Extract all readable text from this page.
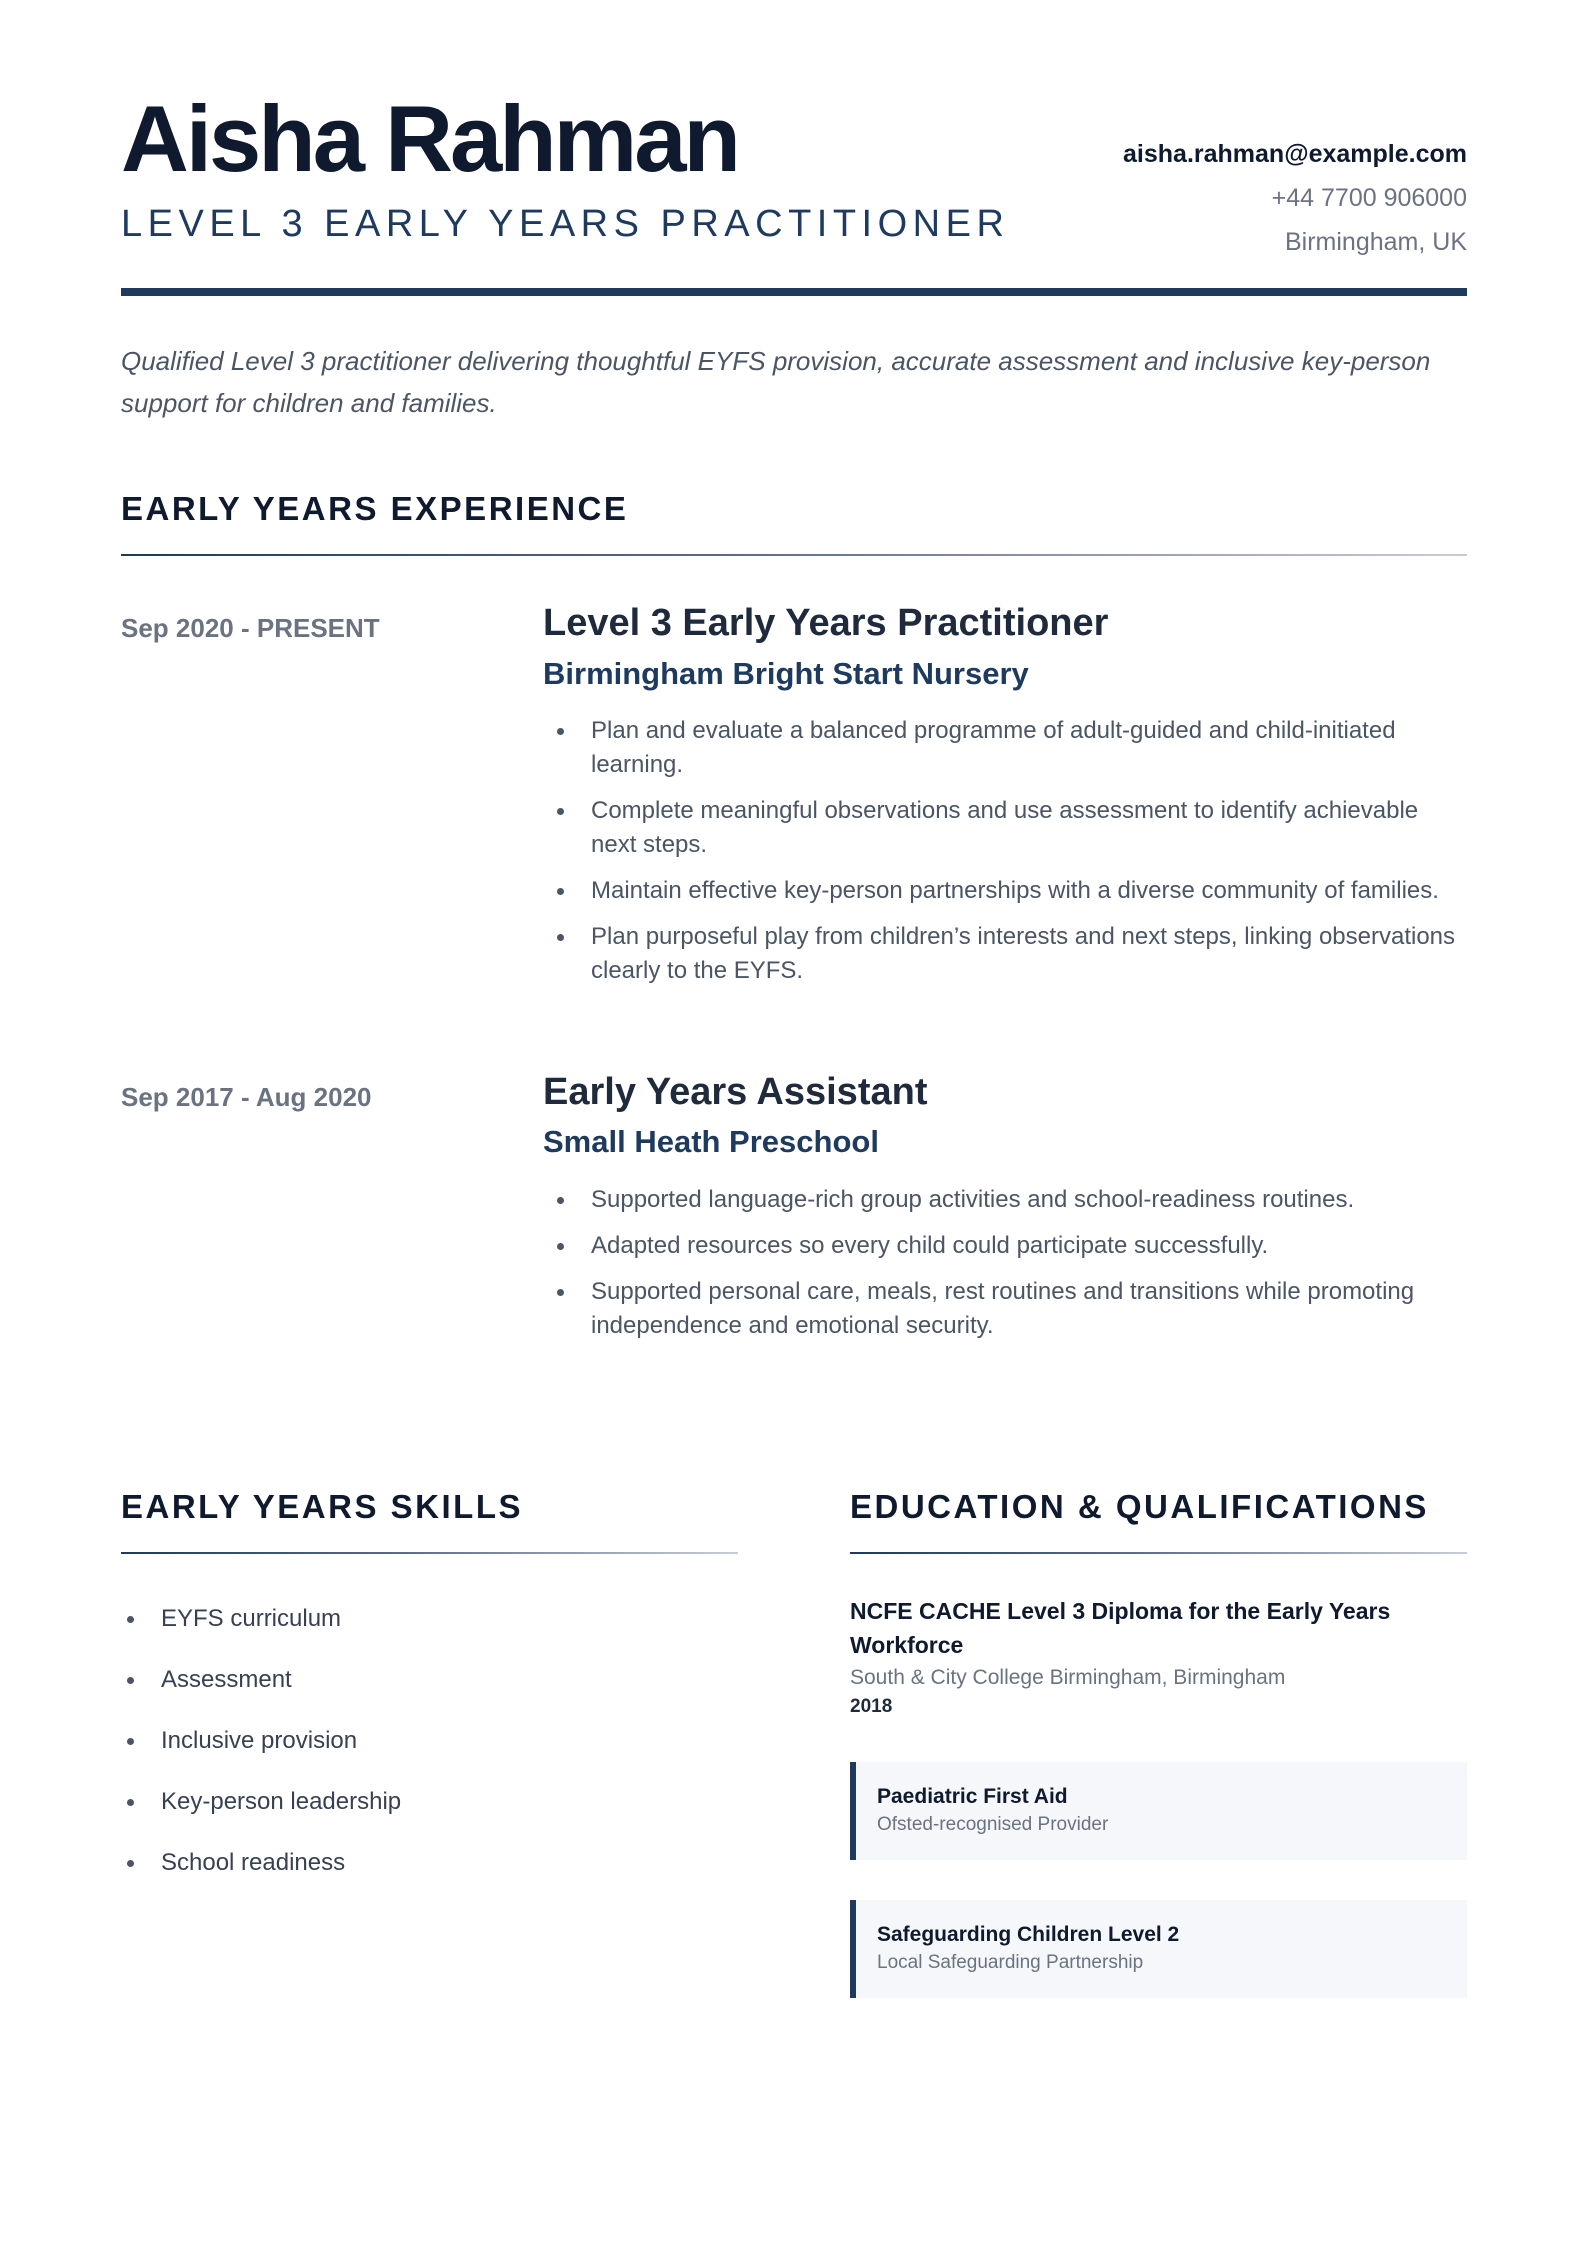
Aisha Rahman
LEVEL 3 EARLY YEARS PRACTITIONER
aisha.rahman@example.com
+44 7700 906000
Birmingham, UK

Qualified Level 3 practitioner delivering thoughtful EYFS provision, accurate assessment and inclusive key-person support for children and families.

EARLY YEARS EXPERIENCE
Sep 2020 - PRESENT	Level 3 Early Years Practitioner
Birmingham Bright Start Nursery
Plan and evaluate a balanced programme of adult-guided and child-initiated learning.
Complete meaningful observations and use assessment to identify achievable next steps.
Maintain effective key-person partnerships with a diverse community of families.
Plan purposeful play from children’s interests and next steps, linking observations clearly to the EYFS.
Sep 2017 - Aug 2020	Early Years Assistant
Small Heath Preschool
Supported language-rich group activities and school-readiness routines.
Adapted resources so every child could participate successfully.
Supported personal care, meals, rest routines and transitions while promoting independence and emotional security.
EARLY YEARS SKILLS
EYFS curriculum
Assessment
Inclusive provision
Key-person leadership
School readiness
EDUCATION & QUALIFICATIONS
NCFE CACHE Level 3 Diploma for the Early Years Workforce
South & City College Birmingham, Birmingham
2018
Paediatric First Aid
Ofsted-recognised Provider
Safeguarding Children Level 2
Local Safeguarding Partnership
